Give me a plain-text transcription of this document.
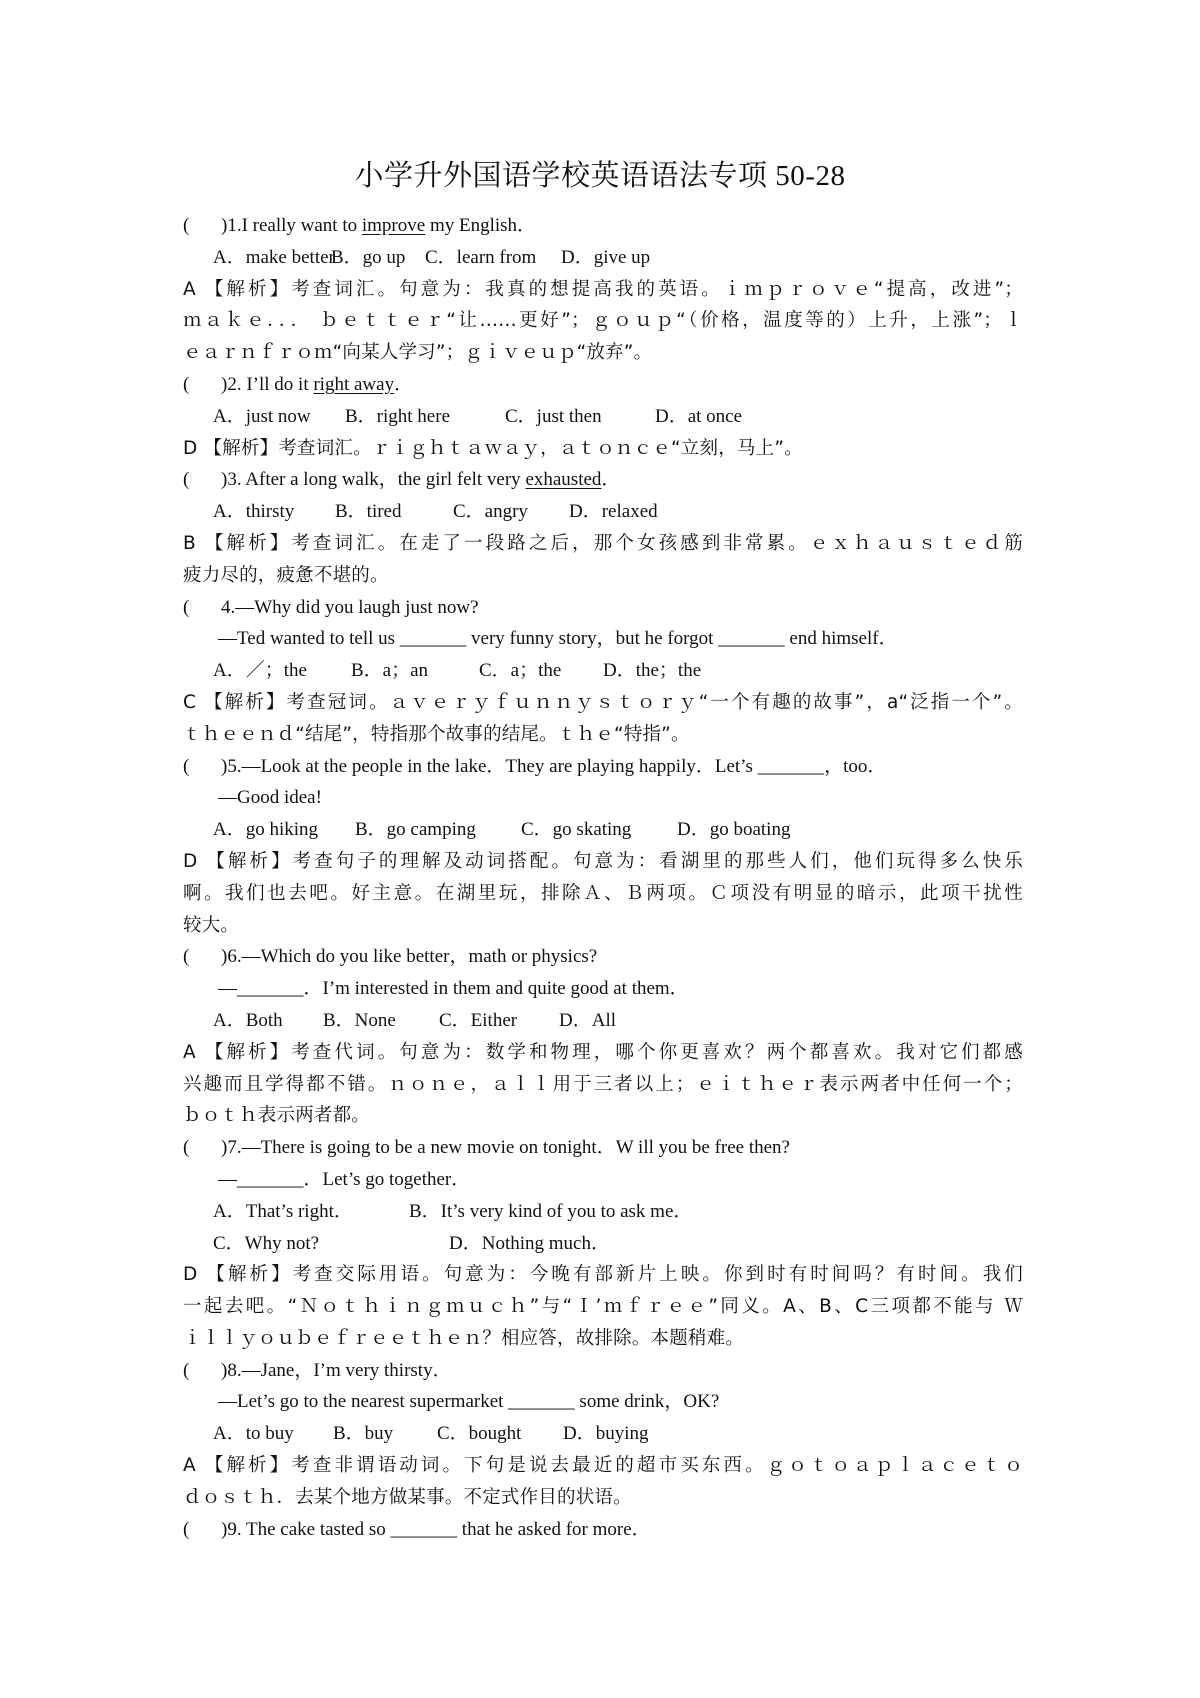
小学升外国语学校英语语法专项 50-28
( )1.I really want to improve my English．
A．make betterB．go up C．learn from D．give up
A 【解析】考查词汇。句意为：我真的想提高我的英语。ｉｍｐｒｏｖｅ“提高，改进”；
ｍａｋｅ．．． ｂｅｔｔｅｒ“让……更好”；ｇｏｕｐ“（价格，温度等的）上升，上涨”；ｌ
ｅａｒｎｆｒｏｍ“向某人学习”；ｇｉｖｅｕｐ“放弃”。
( )2. I’ll do it right away．
A．just now B．right here	C．just then	D．at once
D 【解析】考查词汇。ｒｉｇｈｔａｗａｙ，ａｔｏｎｃｅ“立刻，马上”。
( )3. After a long walk，the girl felt very exhausted．
A．thirsty B．tired	C．angry D．relaxed
B 【解析】考查词汇。在走了一段路之后，那个女孩感到非常累。ｅｘｈａｕｓｔｅｄ筋
疲力尽的，疲惫不堪的。
( 4.—Why did you laugh just now?
—Ted wanted to tell us _______ very funny story，but he forgot _______ end himself．
A．／；the B．a；an	C．a；the D．the；the
C 【解析】考查冠词。ａｖｅｒｙｆｕｎｎｙｓｔｏｒｙ“一个有趣的故事”，a“泛指一个”。
ｔｈｅｅｎｄ“结尾”，特指那个故事的结尾。ｔｈｅ“特指”。
( )5.—Look at the people in the lake．They are playing happily．Let’s _______，too．
—Good idea!
A．go hiking B．go camping C．go skating D．go boating
D 【解析】考查句子的理解及动词搭配。句意为：看湖里的那些人们，他们玩得多么快乐
啊。我们也去吧。好主意。在湖里玩，排除Ａ、Ｂ两项。Ｃ项没有明显的暗示，此项干扰性
较大。
( )6.—Which do you like better，math or physics?
—_______．I’m interested in them and quite good at them．
A．Both B．None C．Either D．All
A 【解析】考查代词。句意为：数学和物理，哪个你更喜欢？两个都喜欢。我对它们都感
兴趣而且学得都不错。ｎｏｎｅ，ａｌｌ用于三者以上；ｅｉｔｈｅｒ表示两者中任何一个；
ｂｏｔｈ表示两者都。
( )7.—There is going to be a new movie on tonight．W ill you be free then?
—_______．Let’s go together．
A．That’s right．	B．It’s very kind of you to ask me．
C．Why not?	D．Nothing much．
D 【解析】考查交际用语。句意为：今晚有部新片上映。你到时有时间吗？有时间。我们
一起去吧。“Ｎｏｔｈｉｎｇｍｕｃｈ”与“Ｉ’ｍｆｒｅｅ”同义。A、B、C三项都不能与 Ｗ
ｉｌｌｙｏｕｂｅｆｒｅｅｔｈｅｎ？相应答，故排除。本题稍难。
( )8.—Jane，I’m very thirsty．
—Let’s go to the nearest supermarket _______ some drink，OK?
A．to buy B．buy C．bought D．buying
A 【解析】考查非谓语动词。下句是说去最近的超市买东西。ｇｏｔｏａｐｌａｃｅｔｏ
ｄｏｓｔｈ．去某个地方做某事。不定式作目的状语。
( )9. The cake tasted so _______ that he asked for more．
